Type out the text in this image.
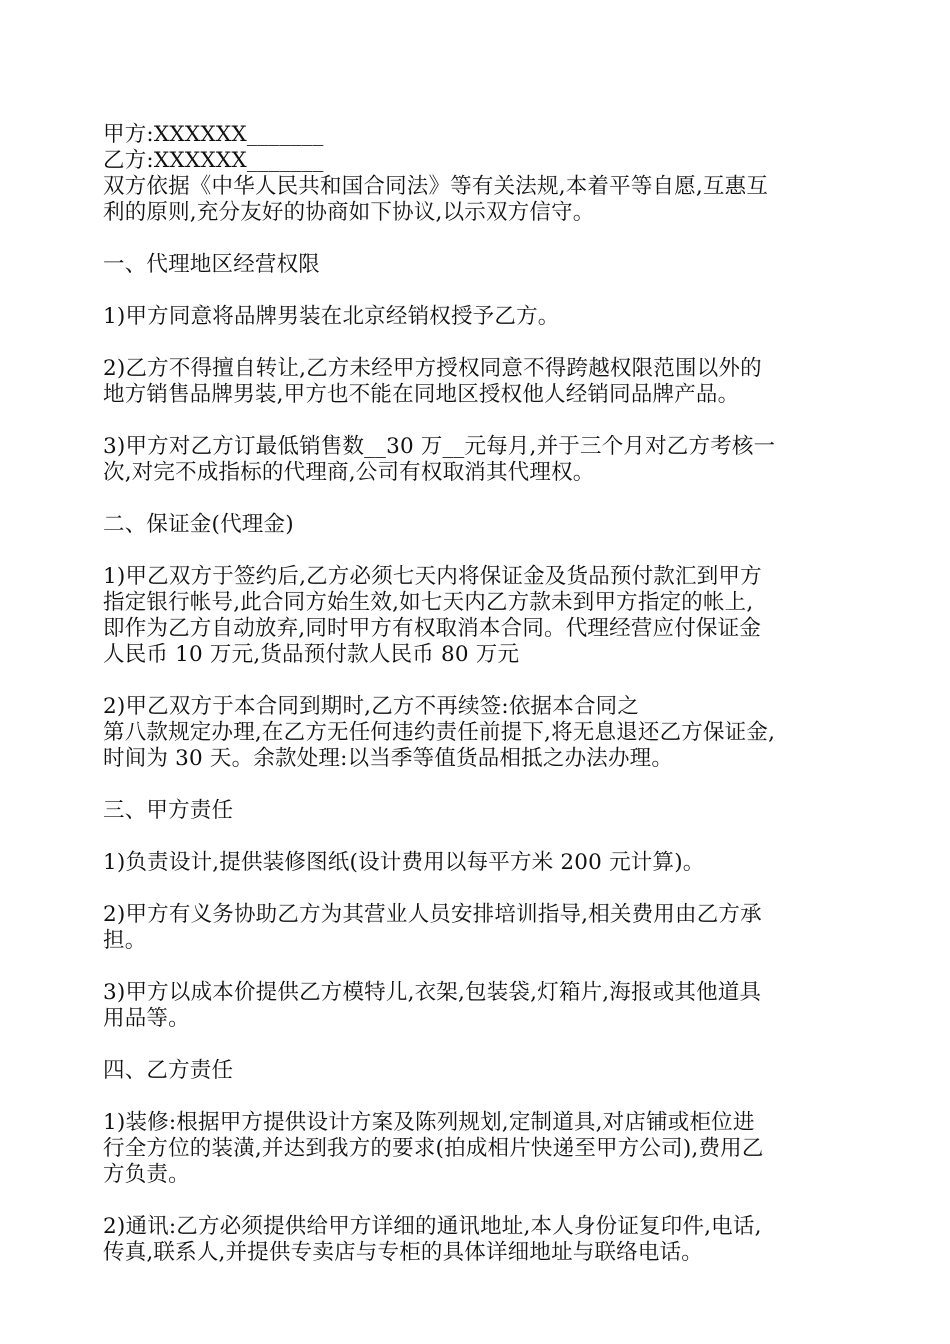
甲方:XXXXXX_______
乙方:XXXXXX_______
双方依据《中华人民共和国合同法》等有关法规,本着平等自愿,互惠互
利的原则,充分友好的协商如下协议,以示双方信守。
一、代理地区经营权限
1)甲方同意将品牌男装在北京经销权授予乙方。
2)乙方不得擅自转让,乙方未经甲方授权同意不得跨越权限范围以外的
地方销售品牌男装,甲方也不能在同地区授权他人经销同品牌产品。
3)甲方对乙方订最低销售数__30 万__元每月,并于三个月对乙方考核一
次,对完不成指标的代理商,公司有权取消其代理权。
二、保证金(代理金)
1)甲乙双方于签约后,乙方必须七天内将保证金及货品预付款汇到甲方
指定银行帐号,此合同方始生效,如七天内乙方款未到甲方指定的帐上,
即作为乙方自动放弃,同时甲方有权取消本合同。代理经营应付保证金
人民币 10 万元,货品预付款人民币 80 万元
2)甲乙双方于本合同到期时,乙方不再续签:依据本合同之
第八款规定办理,在乙方无任何违约责任前提下,将无息退还乙方保证金,
时间为 30 天。余款处理:以当季等值货品相抵之办法办理。
三、甲方责任
1)负责设计,提供装修图纸(设计费用以每平方米 200 元计算)。
2)甲方有义务协助乙方为其营业人员安排培训指导,相关费用由乙方承
担。
3)甲方以成本价提供乙方模特儿,衣架,包装袋,灯箱片,海报或其他道具
用品等。
四、乙方责任
1)装修:根据甲方提供设计方案及陈列规划,定制道具,对店铺或柜位进
行全方位的装潢,并达到我方的要求(拍成相片快递至甲方公司),费用乙
方负责。
2)通讯:乙方必须提供给甲方详细的通讯地址,本人身份证复印件,电话,
传真,联系人,并提供专卖店与专柜的具体详细地址与联络电话。
